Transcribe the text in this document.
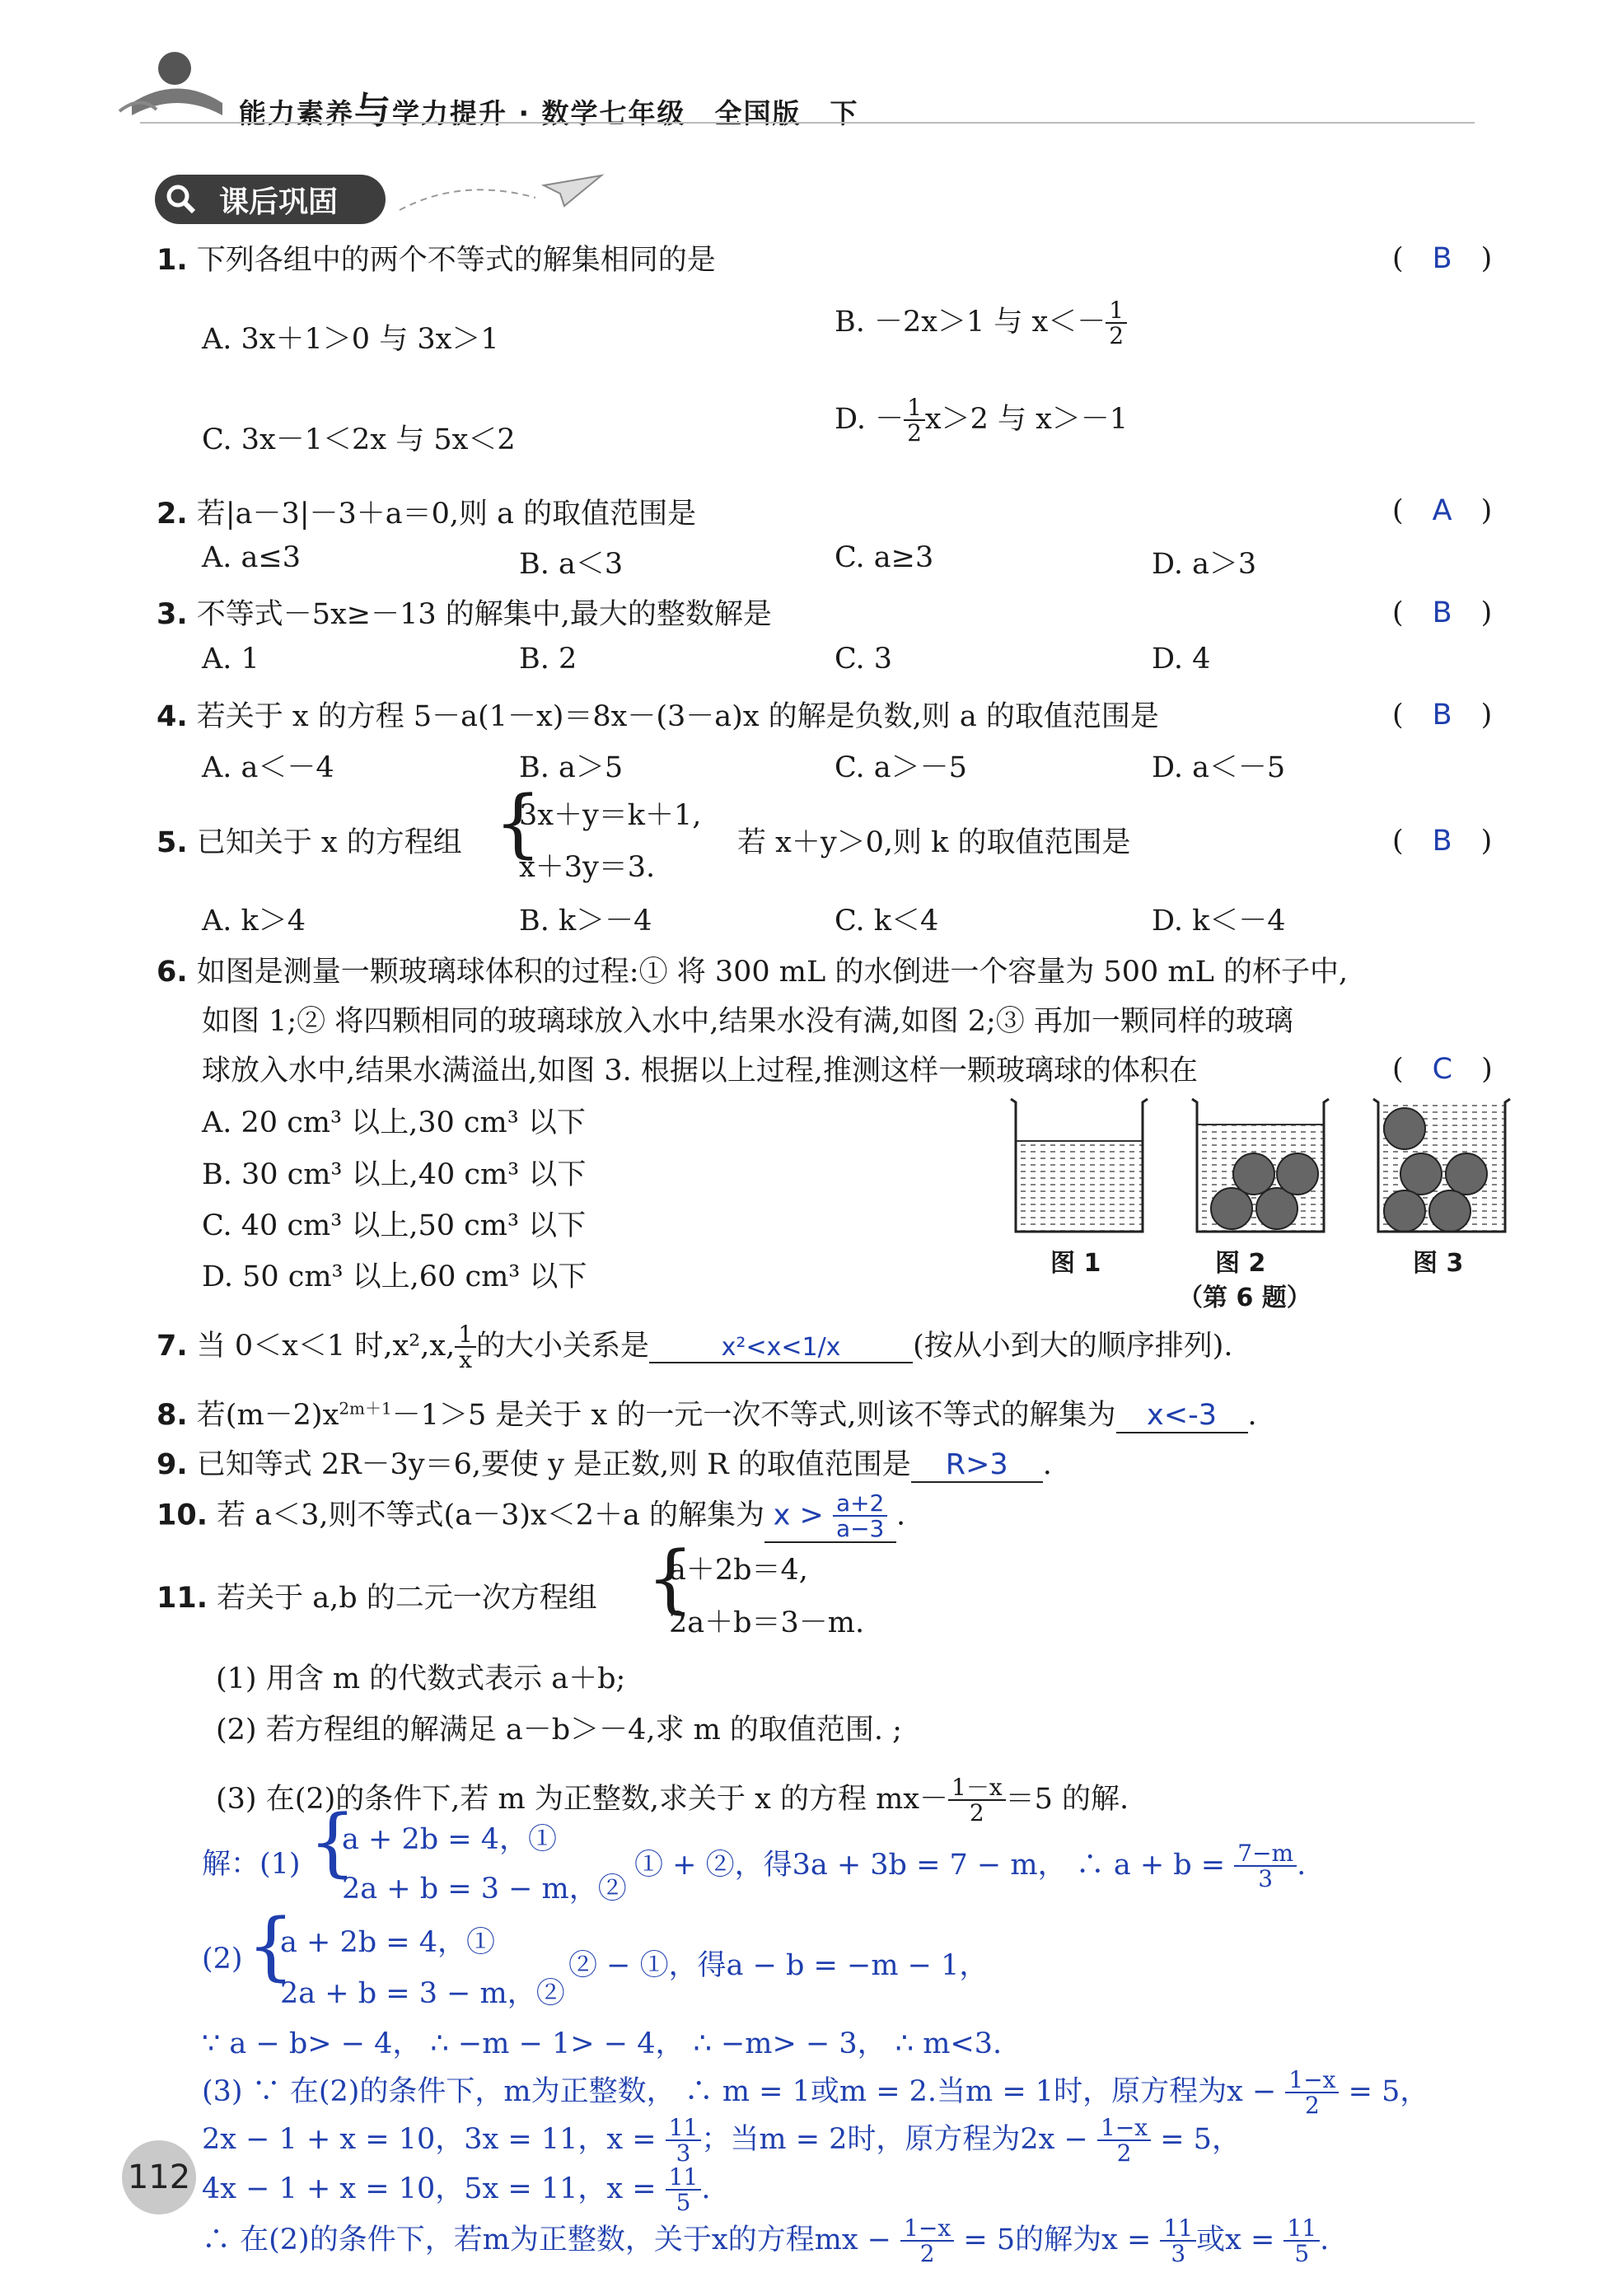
能力素养与学力提升 · 数学七年级　全国版　下
课后巩固
1. 下列各组中的两个不等式的解集相同的是	(　B　)
A. 3x＋1＞0 与 3x＞1
B. －2x＞1 与 $x<- \frac{1}{2}$
C. 3x－1＜2x 与 5x＜2
D. － $\frac{1}{2} x>2$ 与 x＞－1
2. 若|a－3|－3＋a＝0,则 a 的取值范围是	(　A　)
A. a≤3	B. a＜3	C. a≥3	D. a＞3
3. 不等式－5x≥－13 的解集中,最大的整数解是	(　B　)
A. 1	B. 2	C. 3	D. 4
4. 若关于 x 的方程 5－a(1－x)＝8x－(3－a)x 的解是负数,则 a 的取值范围是	(　B　)
A. a＜－4	B. a＞5	C. a＞－5	D. a＜－5
5. 已知关于 x 的方程组 {
3x＋y＝k＋1,
x＋3y＝3.
若 x＋y＞0,则 k 的取值范围是	(　B　)
A. k＞4	B. k＞－4	C. k＜4	D. k＜－4
6. 如图是测量一颗玻璃球体积的过程:① 将 300 mL 的水倒进一个容量为 500 mL 的杯子中,
如图 1;② 将四颗相同的玻璃球放入水中,结果水没有满,如图 2;③ 再加一颗同样的玻璃
球放入水中,结果水满溢出,如图 3. 根据以上过程,推测这样一颗玻璃球的体积在	(　C　)
A. 20 cm³ 以上,30 cm³ 以下
B. 30 cm³ 以上,40 cm³ 以下
C. 40 cm³ 以上,50 cm³ 以下
D. 50 cm³ 以上,60 cm³ 以下	图 1	图 2	图 3
（第 6 题）
7. 当 0＜x＜1 时,x²,x, $\frac{1}{x}$ 的大小关系是	x²<x<1/x	(按从小到大的顺序排列).
8. 若$(m-2)x^{2m+1}-1>5$ 是关于 x 的一元一次不等式,则该不等式的解集为 x<-3 .
9. 已知等式 2R－3y＝6,要使 y 是正数,则 R 的取值范围是 R>3 .
10. 若 a＜3,则不等式(a－3)x＜2＋a 的解集为 $x > \frac{a+2}{a-3}$ .
11. 若关于 a,b 的二元一次方程组 {
a＋2b＝4,
2a＋b＝3－m.
(1) 用含 m 的代数式表示 a＋b;
(2) 若方程组的解满足 a－b＞－4,求 m 的取值范围. ;
(3) 在(2)的条件下,若 m 为正整数,求关于 x 的方程 $mx- \frac{1-x}{2} =5$ 的解.
解：(1) {
a + 2b = 4，①
2a + b = 3 − m，②
① + ②，得3a + 3b = 7 − m， ∴ $a + b = \frac{7-m}{3}$ .
(2) {
a + 2b = 4，①
2a + b = 3 − m，②
② − ①，得a − b = −m − 1，
∵ a − b> − 4， ∴ −m − 1> − 4， ∴ −m> − 3， ∴ m<3.
(3) ∵ 在(2)的条件下，m为正整数， ∴ m = 1或m = 2.当m = 1时，原方程为$x - \frac{1-x}{2} = 5$，
2x − 1 + x = 10，3x = 11，$x = \frac{11}{3}$ ；当m = 2时，原方程为$2x - \frac{1-x}{2} = 5$，
4x − 1 + x = 10，5x = 11，$x = \frac{11}{5}$ .
∴ 在(2)的条件下，若m为正整数，关于x的方程mx − $\frac{1-x}{2} = 5$的解为$x = \frac{11}{3}$ 或$x = \frac{11}{5}$ .
112
